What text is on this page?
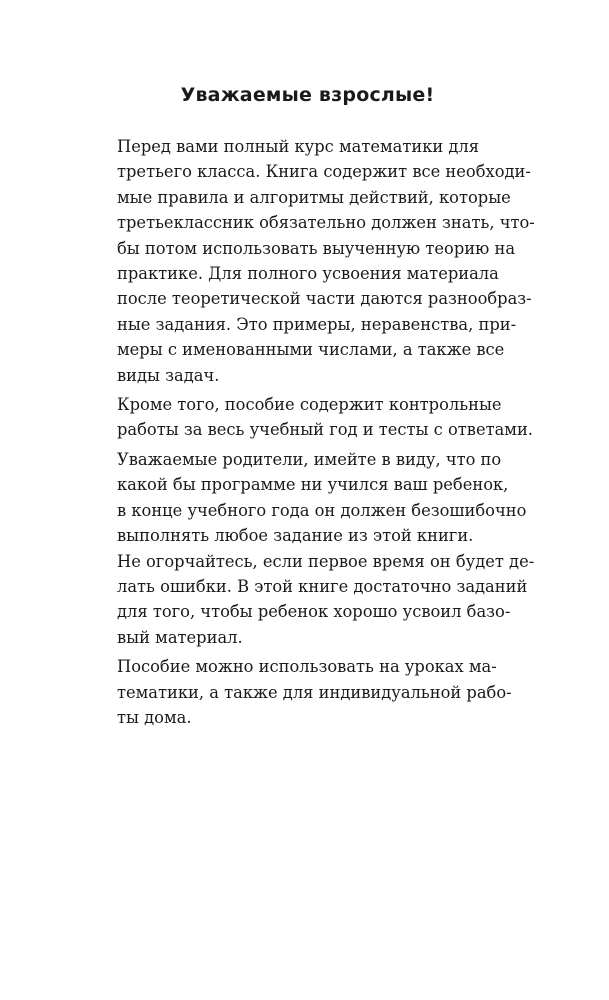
Уважаемые взрослые!

Перед вами полный курс математики для
третьего класса. Книга содержит все необходи-
мые правила и алгоритмы действий, которые
третьеклассник обязательно должен знать, что-
бы потом использовать выученную теорию на
практике. Для полного усвоения материала
после теоретической части даются разнообраз-
ные задания. Это примеры, неравенства, при-
меры с именованными числами, а также все
виды задач.

Кроме того, пособие содержит контрольные
работы за весь учебный год и тесты с ответами.

Уважаемые родители, имейте в виду, что по
какой бы программе ни учился ваш ребенок,
в конце учебного года он должен безошибочно
выполнять любое задание из этой книги.
Не огорчайтесь, если первое время он будет де-
лать ошибки. В этой книге достаточно заданий
для того, чтобы ребенок хорошо усвоил базо-
вый материал.

Пособие можно использовать на уроках ма-
тематики, а также для индивидуальной рабо-
ты дома.
